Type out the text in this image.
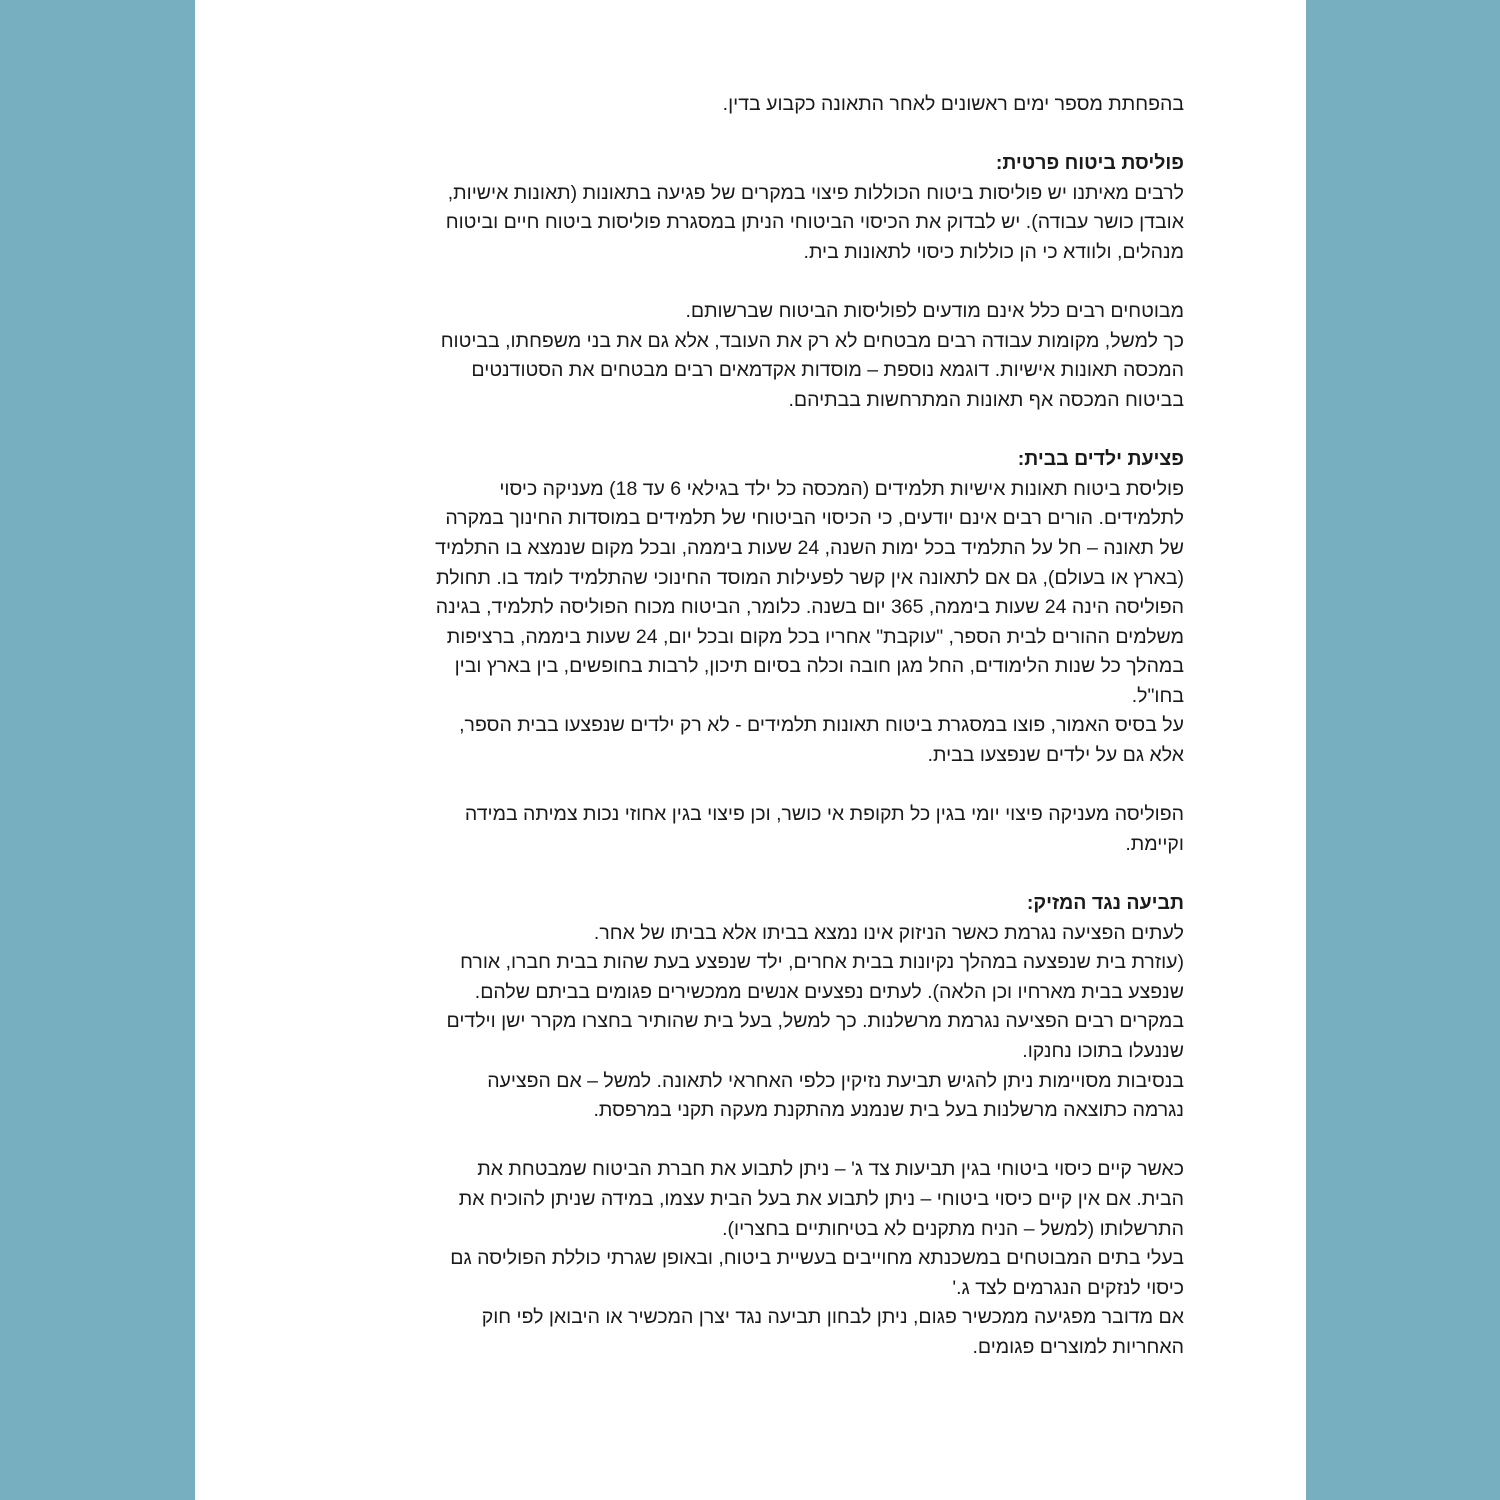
בהפחתת מספר ימים ראשונים לאחר התאונה כקבוע בדין.
פוליסת ביטוח פרטית:
לרבים מאיתנו יש פוליסות ביטוח הכוללות פיצוי במקרים של פגיעה בתאונות (תאונות אישיות,
אובדן כושר עבודה). יש לבדוק את הכיסוי הביטוחי הניתן במסגרת פוליסות ביטוח חיים וביטוח
מנהלים, ולוודא כי הן כוללות כיסוי לתאונות בית.
מבוטחים רבים כלל אינם מודעים לפוליסות הביטוח שברשותם.
כך למשל, מקומות עבודה רבים מבטחים לא רק את העובד, אלא גם את בני משפחתו, בביטוח
המכסה תאונות אישיות. דוגמא נוספת – מוסדות אקדמאים רבים מבטחים את הסטודנטים
בביטוח המכסה אף תאונות המתרחשות בבתיהם.
פציעת ילדים בבית:
פוליסת ביטוח תאונות אישיות תלמידים (המכסה כל ילד בגילאי 6 עד 18) מעניקה כיסוי
לתלמידים. הורים רבים אינם יודעים, כי הכיסוי הביטוחי של תלמידים במוסדות החינוך במקרה
של תאונה – חל על התלמיד בכל ימות השנה, 24 שעות ביממה, ובכל מקום שנמצא בו התלמיד
(בארץ או בעולם), גם אם לתאונה אין קשר לפעילות המוסד החינוכי שהתלמיד לומד בו. תחולת
הפוליסה הינה 24 שעות ביממה, 365 יום בשנה. כלומר, הביטוח מכוח הפוליסה לתלמיד, בגינה
משלמים ההורים לבית הספר, "עוקבת" אחריו בכל מקום ובכל יום, 24 שעות ביממה, ברציפות
במהלך כל שנות הלימודים, החל מגן חובה וכלה בסיום תיכון, לרבות בחופשים, בין בארץ ובין
בחו"ל.
על בסיס האמור, פוצו במסגרת ביטוח תאונות תלמידים - לא רק ילדים שנפצעו בבית הספר,
אלא גם על ילדים שנפצעו בבית.
הפוליסה מעניקה פיצוי יומי בגין כל תקופת אי כושר, וכן פיצוי בגין אחוזי נכות צמיתה במידה
וקיימת.
תביעה נגד המזיק:
לעתים הפציעה נגרמת כאשר הניזוק אינו נמצא בביתו אלא בביתו של אחר.
(עוזרת בית שנפצעה במהלך נקיונות בבית אחרים, ילד שנפצע בעת שהות בבית חברו, אורח
שנפצע בבית מארחיו וכן הלאה). לעתים נפצעים אנשים ממכשירים פגומים בביתם שלהם.
במקרים רבים הפציעה נגרמת מרשלנות. כך למשל, בעל בית שהותיר בחצרו מקרר ישן וילדים
שננעלו בתוכו נחנקו.
בנסיבות מסויימות ניתן להגיש תביעת נזיקין כלפי האחראי לתאונה. למשל – אם הפציעה
נגרמה כתוצאה מרשלנות בעל בית שנמנע מהתקנת מעקה תקני במרפסת.
כאשר קיים כיסוי ביטוחי בגין תביעות צד ג' – ניתן לתבוע את חברת הביטוח שמבטחת את
הבית. אם אין קיים כיסוי ביטוחי – ניתן לתבוע את בעל הבית עצמו, במידה שניתן להוכיח את
התרשלותו (למשל – הניח מתקנים לא בטיחותיים בחצריו).
בעלי בתים המבוטחים במשכנתא מחוייבים בעשיית ביטוח, ובאופן שגרתי כוללת הפוליסה גם
כיסוי לנזקים הנגרמים לצד ג.'
אם מדובר מפגיעה ממכשיר פגום, ניתן לבחון תביעה נגד יצרן המכשיר או היבואן לפי חוק
האחריות למוצרים פגומים.
